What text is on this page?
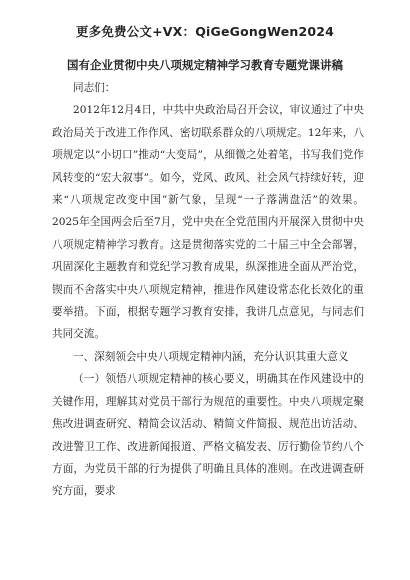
更多免费公文+VX：QiGeGongWen2024
国有企业贯彻中央八项规定精神学习教育专题党课讲稿

同志们：

2012年12月4日，中共中央政治局召开会议，审议通过了中央政治局关于改进工作作风、密切联系群众的八项规定。12年来，八项规定以“小切口”推动“大变局”，从细微之处着笔，书写我们党作风转变的“宏大叙事”。如今，党风、政风、社会风气持续好转，迎来“八项规定改变中国”新气象，呈现“一子落满盘活”的效果。2025年全国两会后至7月，党中央在全党范围内开展深入贯彻中央八项规定精神学习教育。这是贯彻落实党的二十届三中全会部署，巩固深化主题教育和党纪学习教育成果，纵深推进全面从严治党，锲而不舍落实中央八项规定精神，推进作风建设常态化长效化的重要举措。下面，根据专题学习教育安排，我讲几点意见，与同志们共同交流。

一、深刻领会中央八项规定精神内涵，充分认识其重大意义

（一）领悟八项规定精神的核心要义，明确其在作风建设中的关键作用，理解其对党员干部行为规范的重要性。中央八项规定聚焦改进调查研究、精简会议活动、精简文件简报、规范出访活动、改进警卫工作、改进新闻报道、严格文稿发表、厉行勤俭节约八个方面，为党员干部的行为提供了明确且具体的准则。在改进调查研究方面，要求
